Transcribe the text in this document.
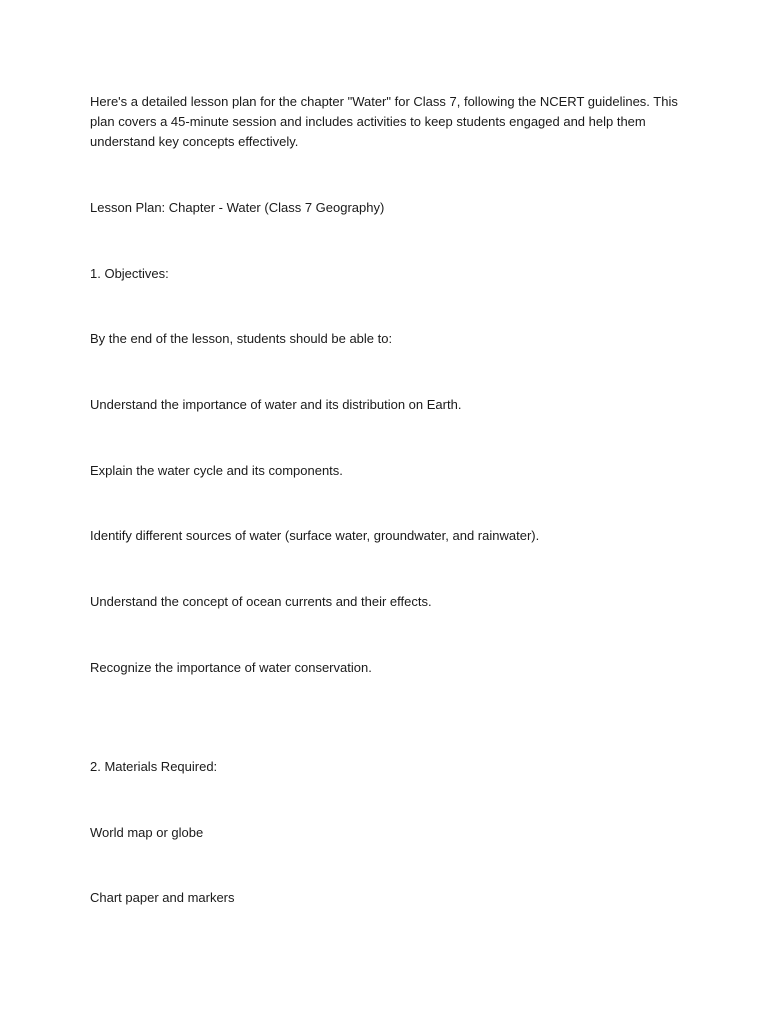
Here's a detailed lesson plan for the chapter "Water" for Class 7, following the NCERT guidelines. This plan covers a 45-minute session and includes activities to keep students engaged and help them understand key concepts effectively.

Lesson Plan: Chapter - Water (Class 7 Geography)

1. Objectives:

By the end of the lesson, students should be able to:

Understand the importance of water and its distribution on Earth.

Explain the water cycle and its components.

Identify different sources of water (surface water, groundwater, and rainwater).

Understand the concept of ocean currents and their effects.

Recognize the importance of water conservation.

2. Materials Required:

World map or globe

Chart paper and markers
